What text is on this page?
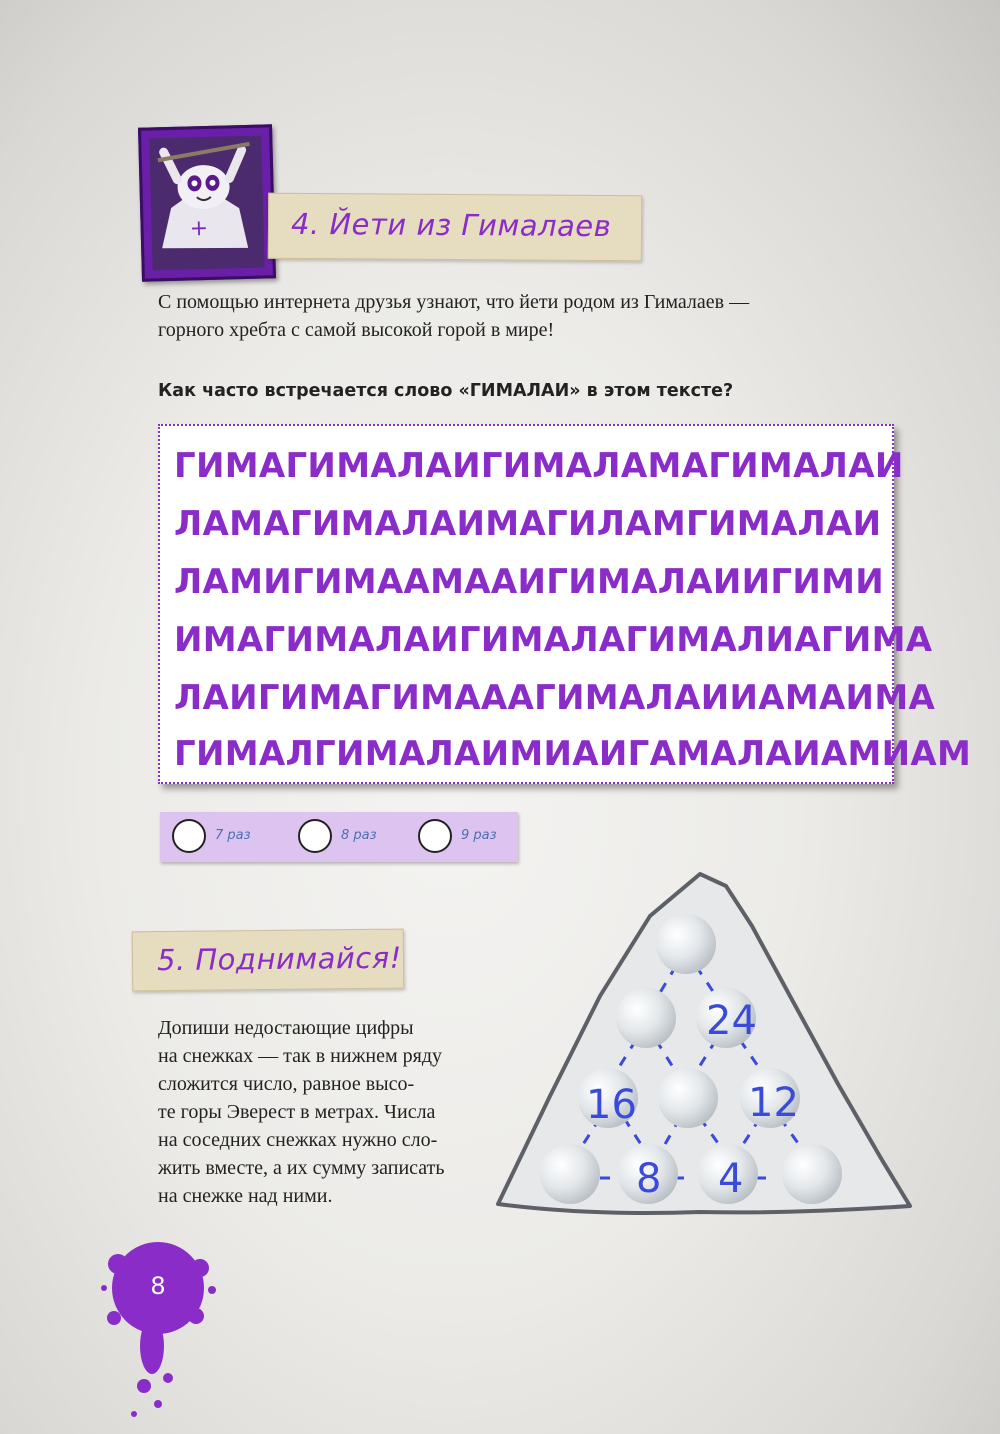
+	4. Йети из Гималаев
С помощью интернета друзья узнают, что йети родом из Гималаев —
горного хребта с самой высокой горой в мире!
Как часто встречается слово «ГИМАЛАИ» в этом тексте?
ГИМАГИМАЛАИГИМАЛАМАГИМАЛАИ
ЛАМАГИМАЛАИМАГИЛАМГИМАЛАИ
ЛАМИГИМААМААИГИМАЛАИИГИМИ
ИМАГИМАЛАИГИМАЛАГИМАЛИАГИМА
ЛАИГИМАГИМАААГИМАЛАИИАМАИМА
ГИМАЛГИМАЛАИМИАИГАМАЛАИАМИАМ
7 раз	8 раз	9 раз
5. Поднимайся!
Допиши недостающие цифры
на снежках — так в нижнем ряду
сложится число, равное высо-
те горы Эверест в метрах. Числа
на соседних снежках нужно сло-
жить вместе, а их сумму записать
на снежке над ними.
24
16	12
8 4
8
